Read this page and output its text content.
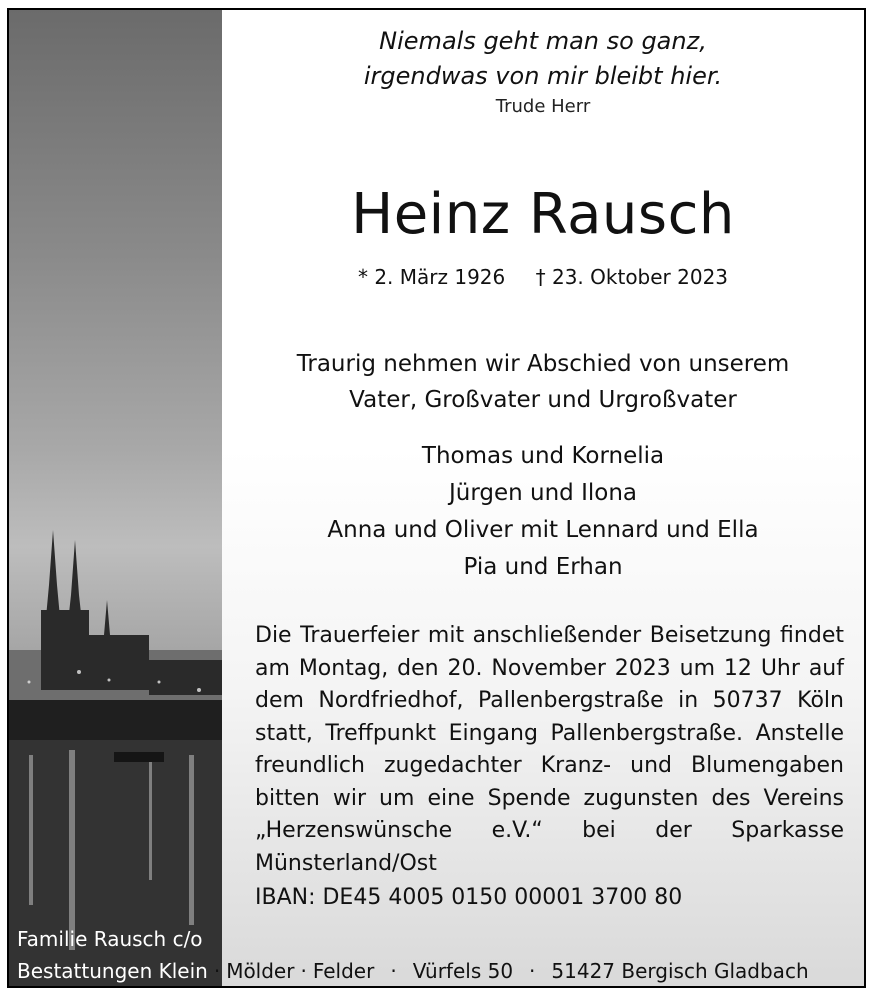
Niemals geht man so ganz,
irgendwas von mir bleibt hier.
Trude Herr
Heinz Rausch
* 2. März 1926 † 23. Oktober 2023
Traurig nehmen wir Abschied von unserem
Vater, Großvater und Urgroßvater
Thomas und Kornelia
Jürgen und Ilona
Anna und Oliver mit Lennard und Ella
Pia und Erhan
Die Trauerfeier mit anschließender Beisetzung findet am Montag, den 20. November 2023 um 12 Uhr auf dem Nordfriedhof, Pallenbergstraße in 50737 Köln statt, Treffpunkt Eingang Pallenbergstraße. Anstelle freundlich zugedachter Kranz- und Blumengaben bitten wir um eine Spende zugunsten des Vereins „Herzenswünsche e.V.“ bei der Sparkasse Münsterland/Ost
IBAN: DE45 4005 0150 00001 3700 80
Familie Rausch c/o
Bestattungen Klein · Mölder · Felder · Vürfels 50 · 51427 Bergisch Gladbach
